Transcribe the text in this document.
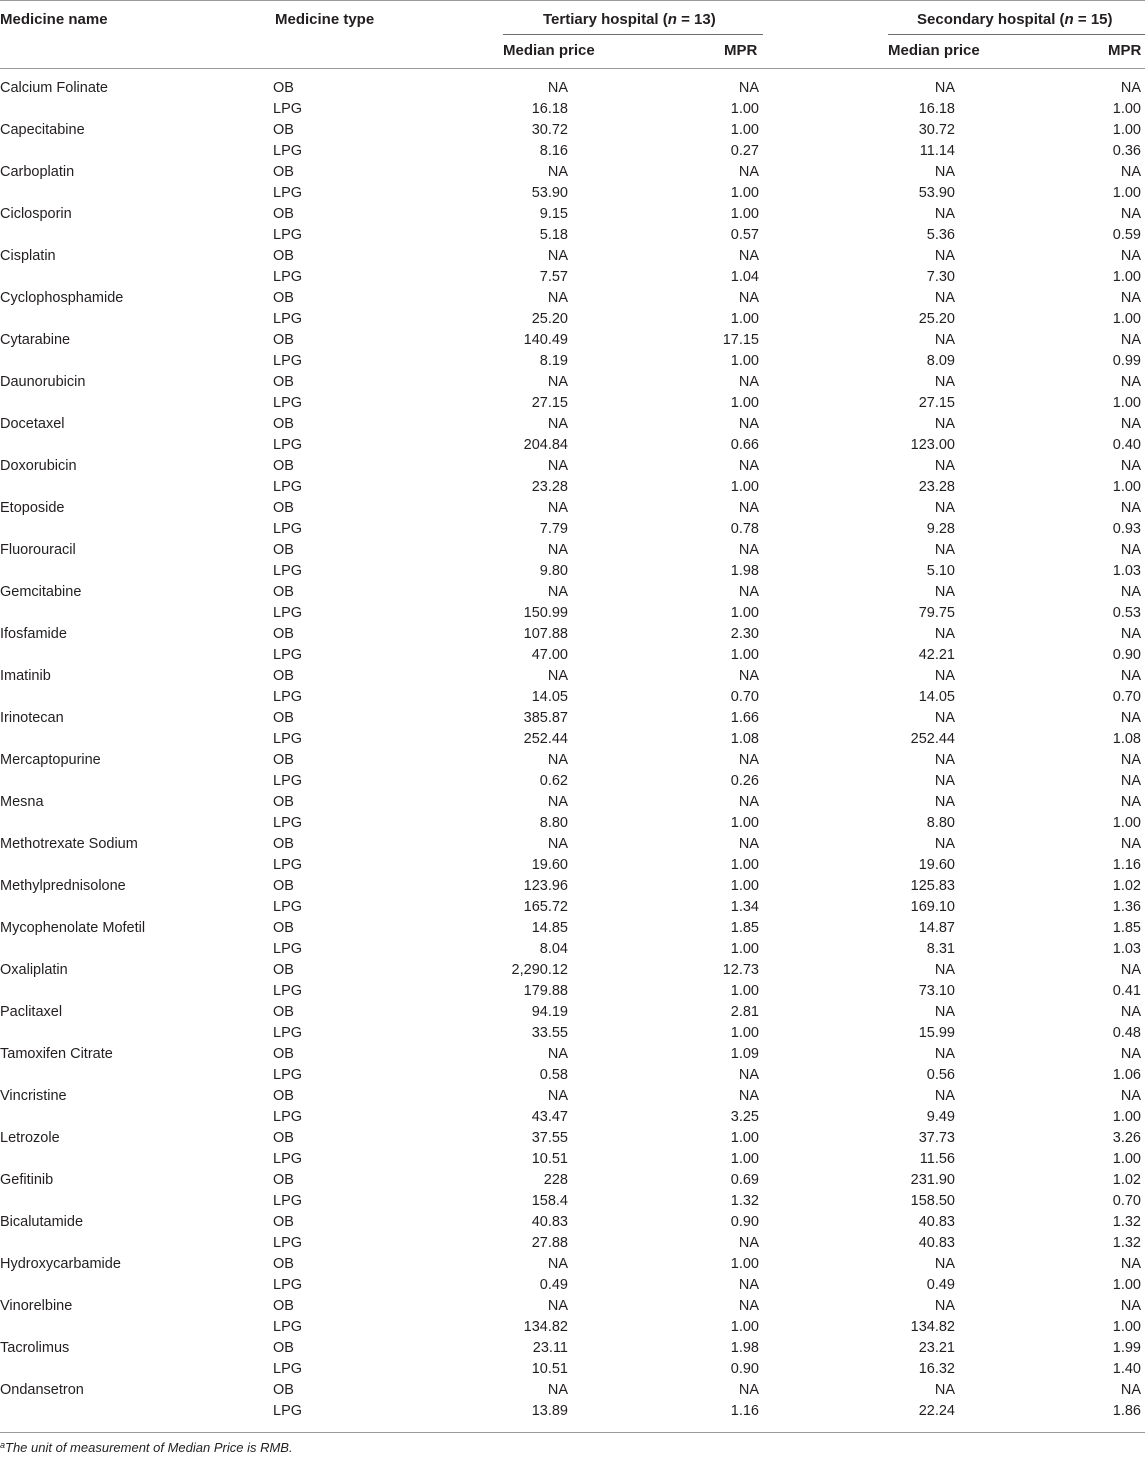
Medicine name	Medicine type	Tertiary hospital (n = 13)	Secondary hospital (n = 15)
Median price	MPR	Median price	MPR
Calcium Folinate	OB	NA	NA	NA	NA
LPG	16.18	1.00	16.18	1.00
Capecitabine	OB	30.72	1.00	30.72	1.00
LPG	8.16	0.27	11.14	0.36
Carboplatin	OB	NA	NA	NA	NA
LPG	53.90	1.00	53.90	1.00
Ciclosporin	OB	9.15	1.00	NA	NA
LPG	5.18	0.57	5.36	0.59
Cisplatin	OB	NA	NA	NA	NA
LPG	7.57	1.04	7.30	1.00
Cyclophosphamide	OB	NA	NA	NA	NA
LPG	25.20	1.00	25.20	1.00
Cytarabine	OB	140.49	17.15	NA	NA
LPG	8.19	1.00	8.09	0.99
Daunorubicin	OB	NA	NA	NA	NA
LPG	27.15	1.00	27.15	1.00
Docetaxel	OB	NA	NA	NA	NA
LPG	204.84	0.66	123.00	0.40
Doxorubicin	OB	NA	NA	NA	NA
LPG	23.28	1.00	23.28	1.00
Etoposide	OB	NA	NA	NA	NA
LPG	7.79	0.78	9.28	0.93
Fluorouracil	OB	NA	NA	NA	NA
LPG	9.80	1.98	5.10	1.03
Gemcitabine	OB	NA	NA	NA	NA
LPG	150.99	1.00	79.75	0.53
Ifosfamide	OB	107.88	2.30	NA	NA
LPG	47.00	1.00	42.21	0.90
Imatinib	OB	NA	NA	NA	NA
LPG	14.05	0.70	14.05	0.70
Irinotecan	OB	385.87	1.66	NA	NA
LPG	252.44	1.08	252.44	1.08
Mercaptopurine	OB	NA	NA	NA	NA
LPG	0.62	0.26	NA	NA
Mesna	OB	NA	NA	NA	NA
LPG	8.80	1.00	8.80	1.00
Methotrexate Sodium	OB	NA	NA	NA	NA
LPG	19.60	1.00	19.60	1.16
Methylprednisolone	OB	123.96	1.00	125.83	1.02
LPG	165.72	1.34	169.10	1.36
Mycophenolate Mofetil	OB	14.85	1.85	14.87	1.85
LPG	8.04	1.00	8.31	1.03
Oxaliplatin	OB	2,290.12	12.73	NA	NA
LPG	179.88	1.00	73.10	0.41
Paclitaxel	OB	94.19	2.81	NA	NA
LPG	33.55	1.00	15.99	0.48
Tamoxifen Citrate	OB	NA	1.09	NA	NA
LPG	0.58	NA	0.56	1.06
Vincristine	OB	NA	NA	NA	NA
LPG	43.47	3.25	9.49	1.00
Letrozole	OB	37.55	1.00	37.73	3.26
LPG	10.51	1.00	11.56	1.00
Gefitinib	OB	228	0.69	231.90	1.02
LPG	158.4	1.32	158.50	0.70
Bicalutamide	OB	40.83	0.90	40.83	1.32
LPG	27.88	NA	40.83	1.32
Hydroxycarbamide	OB	NA	1.00	NA	NA
LPG	0.49	NA	0.49	1.00
Vinorelbine	OB	NA	NA	NA	NA
LPG	134.82	1.00	134.82	1.00
Tacrolimus	OB	23.11	1.98	23.21	1.99
LPG	10.51	0.90	16.32	1.40
Ondansetron	OB	NA	NA	NA	NA
LPG	13.89	1.16	22.24	1.86
$^a$The unit of measurement of Median Price is RMB.
